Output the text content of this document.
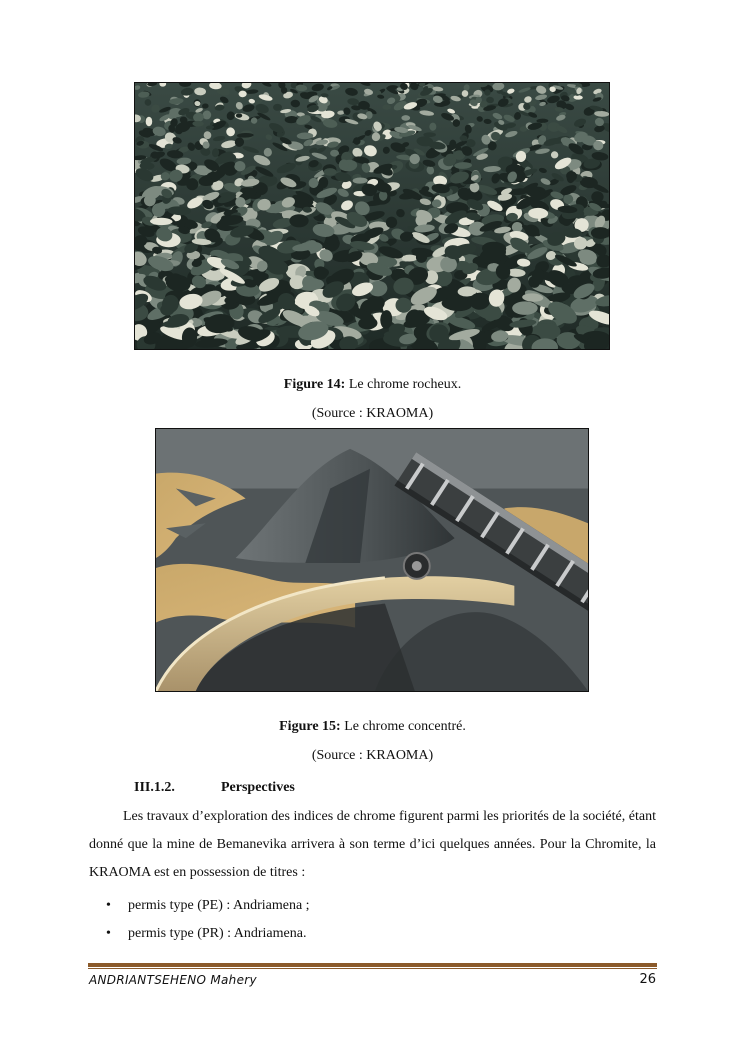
Figure 14: Le chrome rocheux.
(Source : KRAOMA)
Figure 15: Le chrome concentré.
(Source : KRAOMA)
III.1.2.	Perspectives

Les travaux d’exploration des indices de chrome figurent parmi les priorités de la société, étant donné que la mine de Bemanevika arrivera à son terme d’ici quelques années. Pour la Chromite, la KRAOMA est en possession de titres :

• permis type (PE) : Andriamena ;
• permis type (PR) : Andriamena.
ANDRIANTSEHENO Mahery	26
